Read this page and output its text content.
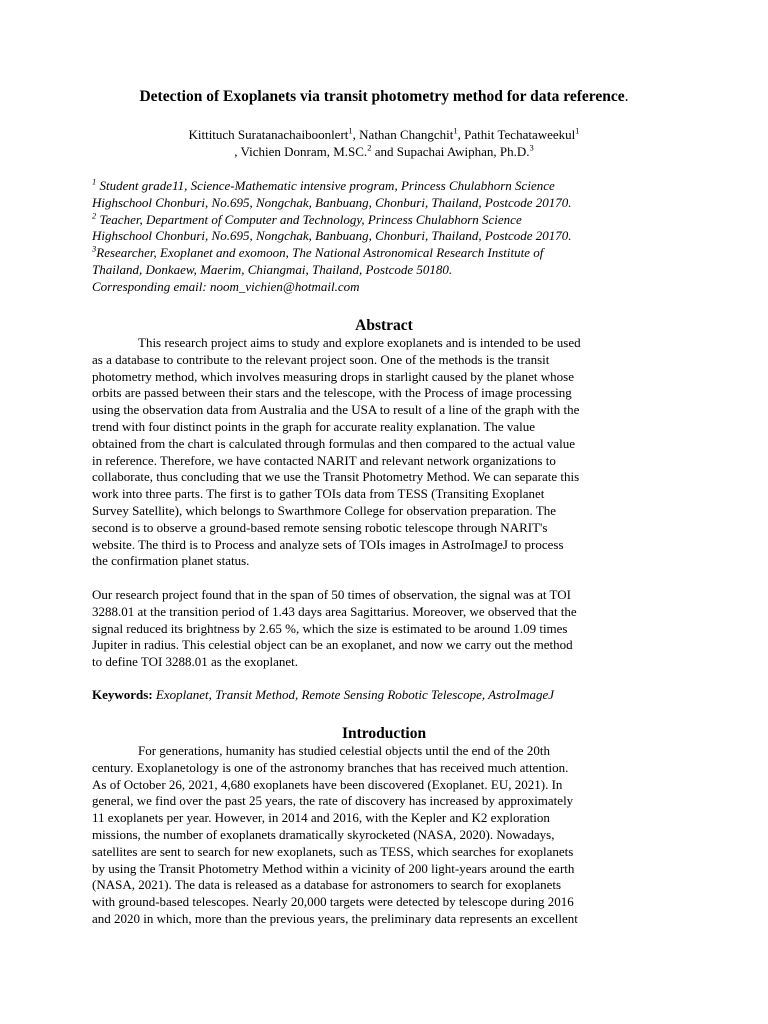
Detection of Exoplanets via transit photometry method for data reference.
Kittituch Suratanachaiboonlert$^1$, Nathan Changchit$^1$, Pathit Techataweekul$^1$
, Vichien Donram, M.SC.$^2$ and Supachai Awiphan, Ph.D.$^3$
$^1$ Student grade11, Science-Mathematic intensive program, Princess Chulabhorn Science
Highschool Chonburi, No.695, Nongchak, Banbuang, Chonburi, Thailand, Postcode 20170.
$^2$ Teacher, Department of Computer and Technology, Princess Chulabhorn Science
Highschool Chonburi, No.695, Nongchak, Banbuang, Chonburi, Thailand, Postcode 20170.
$^3$Researcher, Exoplanet and exomoon, The National Astronomical Research Institute of
Thailand, Donkaew, Maerim, Chiangmai, Thailand, Postcode 50180.
Corresponding email: noom_vichien@hotmail.com
Abstract
This research project aims to study and explore exoplanets and is intended to be used
as a database to contribute to the relevant project soon. One of the methods is the transit
photometry method, which involves measuring drops in starlight caused by the planet whose
orbits are passed between their stars and the telescope, with the Process of image processing
using the observation data from Australia and the USA to result of a line of the graph with the
trend with four distinct points in the graph for accurate reality explanation. The value
obtained from the chart is calculated through formulas and then compared to the actual value
in reference. Therefore, we have contacted NARIT and relevant network organizations to
collaborate, thus concluding that we use the Transit Photometry Method. We can separate this
work into three parts. The first is to gather TOIs data from TESS (Transiting Exoplanet
Survey Satellite), which belongs to Swarthmore College for observation preparation. The
second is to observe a ground-based remote sensing robotic telescope through NARIT's
website. The third is to Process and analyze sets of TOIs images in AstroImageJ to process
the confirmation planet status.
Our research project found that in the span of 50 times of observation, the signal was at TOI
3288.01 at the transition period of 1.43 days area Sagittarius. Moreover, we observed that the
signal reduced its brightness by 2.65 %, which the size is estimated to be around 1.09 times
Jupiter in radius. This celestial object can be an exoplanet, and now we carry out the method
to define TOI 3288.01 as the exoplanet.
Keywords: Exoplanet, Transit Method, Remote Sensing Robotic Telescope, AstroImageJ
Introduction
For generations, humanity has studied celestial objects until the end of the 20th
century. Exoplanetology is one of the astronomy branches that has received much attention.
As of October 26, 2021, 4,680 exoplanets have been discovered (Exoplanet. EU, 2021). In
general, we find over the past 25 years, the rate of discovery has increased by approximately
11 exoplanets per year. However, in 2014 and 2016, with the Kepler and K2 exploration
missions, the number of exoplanets dramatically skyrocketed (NASA, 2020). Nowadays,
satellites are sent to search for new exoplanets, such as TESS, which searches for exoplanets
by using the Transit Photometry Method within a vicinity of 200 light-years around the earth
(NASA, 2021). The data is released as a database for astronomers to search for exoplanets
with ground-based telescopes. Nearly 20,000 targets were detected by telescope during 2016
and 2020 in which, more than the previous years, the preliminary data represents an excellent
